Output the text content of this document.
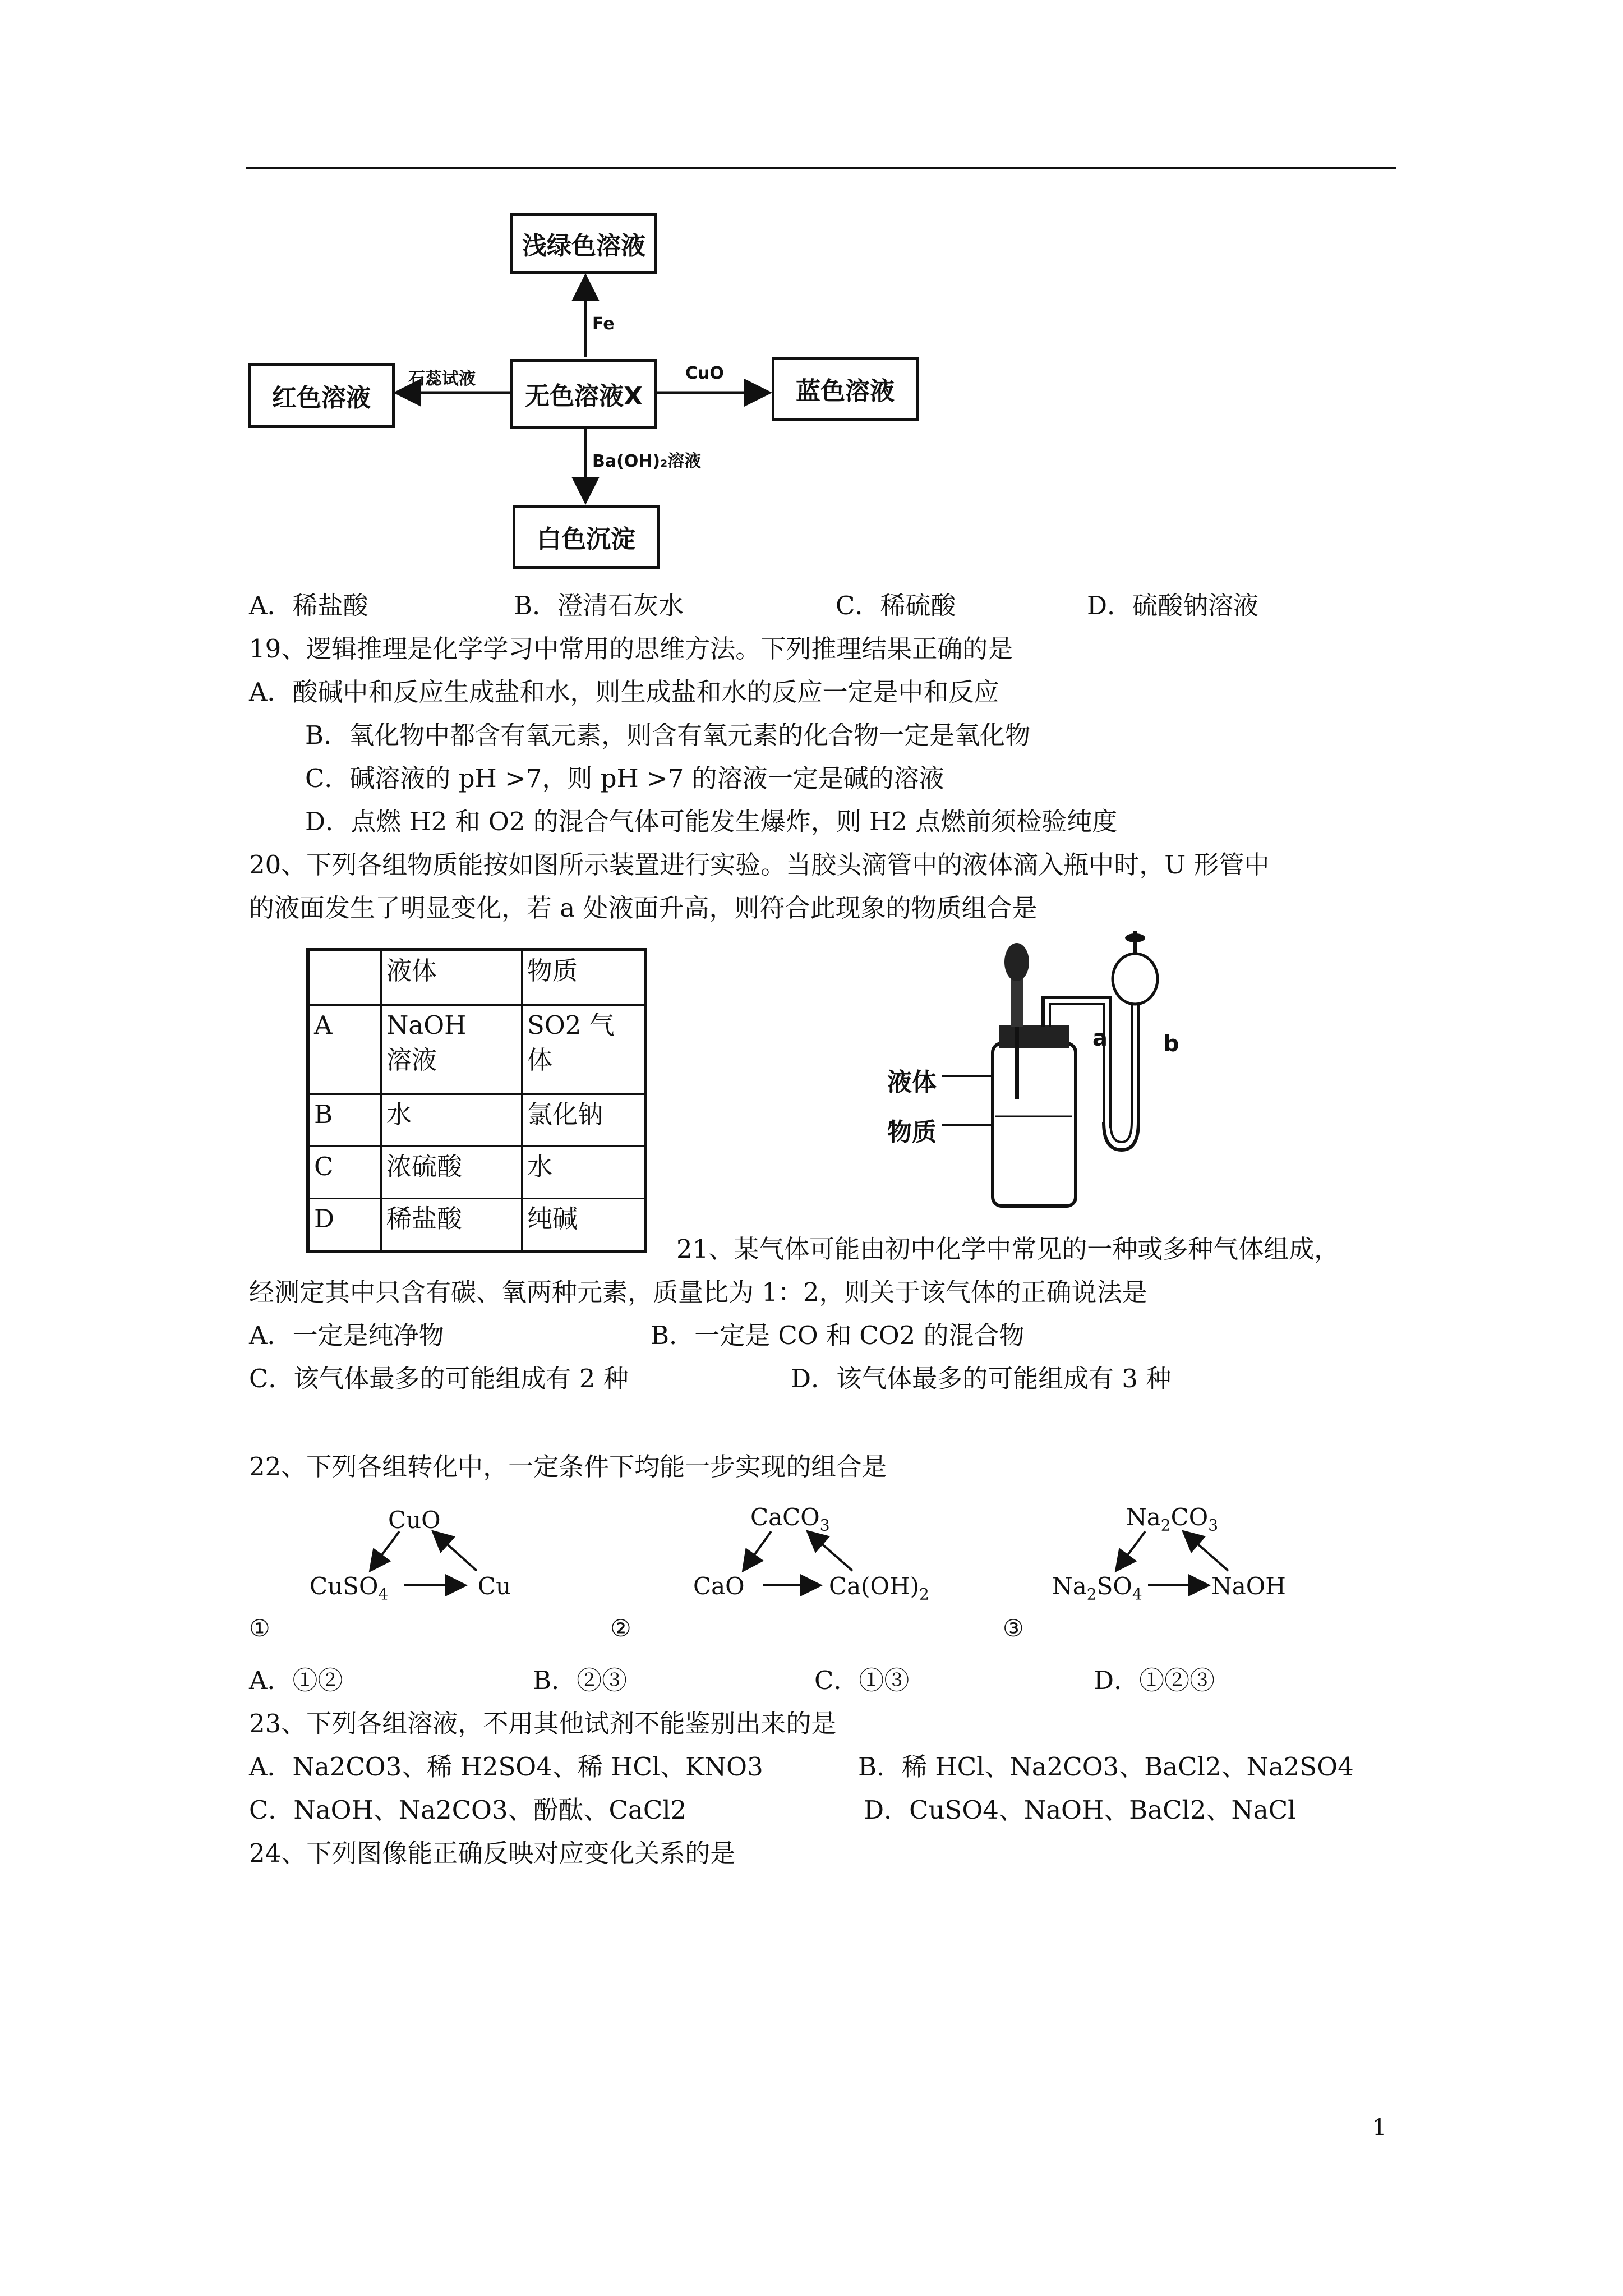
浅绿色溶液
无色溶液X
红色溶液	蓝色溶液
白色沉淀
Fe
石蕊试液	CuO
Ba(OH)₂溶液
A．稀盐酸	B．澄清石灰水	C．稀硫酸	D．硫酸钠溶液
19、逻辑推理是化学学习中常用的思维方法。下列推理结果正确的是
A．酸碱中和反应生成盐和水，则生成盐和水的反应一定是中和反应
B．氧化物中都含有氧元素，则含有氧元素的化合物一定是氧化物
C．碱溶液的 pH >7，则 pH >7 的溶液一定是碱的溶液
D．点燃 H2 和 O2 的混合气体可能发生爆炸，则 H2 点燃前须检验纯度
20、下列各组物质能按如图所示装置进行实验。当胶头滴管中的液体滴入瓶中时，U 形管中
的液面发生了明显变化，若 a 处液面升高，则符合此现象的物质组合是
	液体	物质
A	NaOH　溶液	SO2 气体
B	水	氯化钠
C	浓硫酸	水
D	稀盐酸	纯碱
液体
物质
a b
21、某气体可能由初中化学中常见的一种或多种气体组成，
经测定其中只含有碳、氧两种元素，质量比为 1：2，则关于该气体的正确说法是
A．一定是纯净物	B．一定是 CO 和 CO2 的混合物
C．该气体最多的可能组成有 2 种	D．该气体最多的可能组成有 3 种
22、下列各组转化中，一定条件下均能一步实现的组合是
CuO
CuSO$_4$	Cu
①
CaCO$_3$
CaO	$Ca(OH)_2$
②
$Na_2CO_3$
$Na_2SO_4$	NaOH
③
A．①②	B．②③	C．①③	D．①②③
23、下列各组溶液，不用其他试剂不能鉴别出来的是
A．Na2CO3、稀 H2SO4、稀 HCl、KNO3	B．稀 HCl、Na2CO3、BaCl2、Na2SO4
C．NaOH、Na2CO3、酚酞、CaCl2	D．CuSO4、NaOH、BaCl2、NaCl
24、下列图像能正确反映对应变化关系的是
1
